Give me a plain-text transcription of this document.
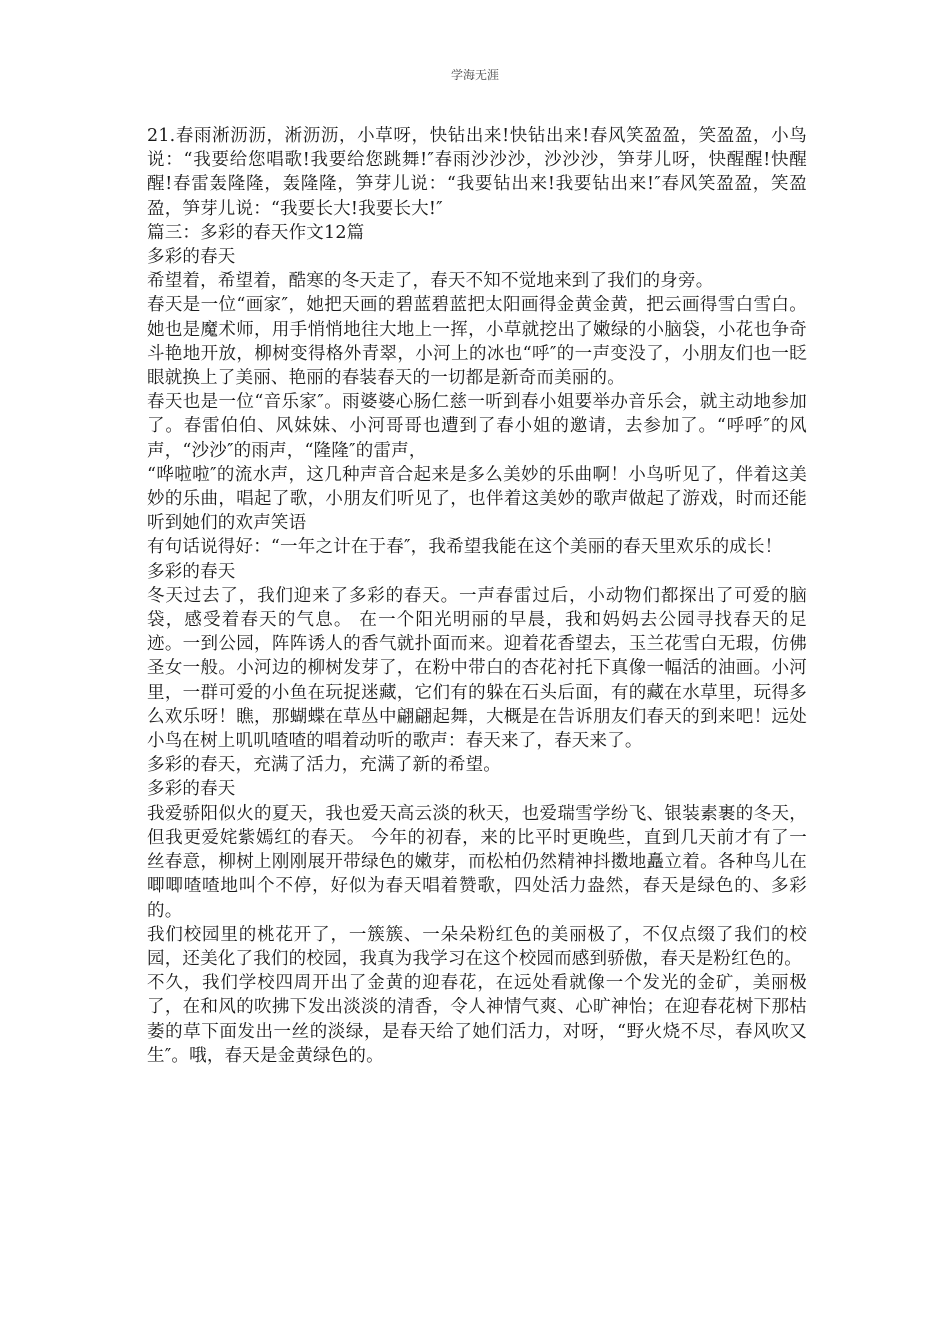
学海无涯

21.春雨淅沥沥，淅沥沥，小草呀，快钻出来!快钻出来!春风笑盈盈，笑盈盈，小鸟说：“我要给您唱歌!我要给您跳舞!″春雨沙沙沙，沙沙沙，笋芽儿呀，快醒醒!快醒醒!春雷轰隆隆，轰隆隆，笋芽儿说：“我要钻出来!我要钻出来!″春风笑盈盈，笑盈盈，笋芽儿说：“我要长大!我要长大!″

篇三：多彩的春天作文12篇

多彩的春天

希望着，希望着，酷寒的冬天走了，春天不知不觉地来到了我们的身旁。

春天是一位“画家″，她把天画的碧蓝碧蓝把太阳画得金黄金黄，把云画得雪白雪白。她也是魔术师，用手悄悄地往大地上一挥，小草就挖出了嫩绿的小脑袋，小花也争奇斗艳地开放，柳树变得格外青翠，小河上的冰也“呼″的一声变没了，小朋友们也一眨眼就换上了美丽、艳丽的春装春天的一切都是新奇而美丽的。

春天也是一位“音乐家″。雨婆婆心肠仁慈一听到春小姐要举办音乐会，就主动地参加了。春雷伯伯、风妹妹、小河哥哥也遭到了春小姐的邀请，去参加了。“呼呼″的风声，“沙沙″的雨声，“隆隆″的雷声，

“哗啦啦″的流水声，这几种声音合起来是多么美妙的乐曲啊！小鸟听见了，伴着这美妙的乐曲，唱起了歌，小朋友们听见了，也伴着这美妙的歌声做起了游戏，时而还能听到她们的欢声笑语

有句话说得好：“一年之计在于春″，我希望我能在这个美丽的春天里欢乐的成长！

多彩的春天

冬天过去了，我们迎来了多彩的春天。一声春雷过后，小动物们都探出了可爱的脑袋，感受着春天的气息。 在一个阳光明丽的早晨，我和妈妈去公园寻找春天的足迹。一到公园，阵阵诱人的香气就扑面而来。迎着花香望去，玉兰花雪白无瑕，仿佛圣女一般。小河边的柳树发芽了，在粉中带白的杏花衬托下真像一幅活的油画。小河里，一群可爱的小鱼在玩捉迷藏，它们有的躲在石头后面，有的藏在水草里，玩得多么欢乐呀！瞧，那蝴蝶在草丛中翩翩起舞，大概是在告诉朋友们春天的到来吧！远处小鸟在树上叽叽喳喳的唱着动听的歌声：春天来了，春天来了。

多彩的春天，充满了活力，充满了新的希望。

多彩的春天

我爱骄阳似火的夏天，我也爱天高云淡的秋天，也爱瑞雪学纷飞、银装素裹的冬天，但我更爱姹紫嫣红的春天。 今年的初春，来的比平时更晚些，直到几天前才有了一丝春意，柳树上刚刚展开带绿色的嫩芽，而松柏仍然精神抖擞地矗立着。各种鸟儿在唧唧喳喳地叫个不停，好似为春天唱着赞歌，四处活力盎然，春天是绿色的、多彩的。

我们校园里的桃花开了，一簇簇、一朵朵粉红色的美丽极了，不仅点缀了我们的校园，还美化了我们的校园，我真为我学习在这个校园而感到骄傲，春天是粉红色的。

不久，我们学校四周开出了金黄的迎春花，在远处看就像一个发光的金矿，美丽极了，在和风的吹拂下发出淡淡的清香，令人神情气爽、心旷神怡；在迎春花树下那枯萎的草下面发出一丝的淡绿，是春天给了她们活力，对呀，“野火烧不尽，春风吹又生″。哦，春天是金黄绿色的。
